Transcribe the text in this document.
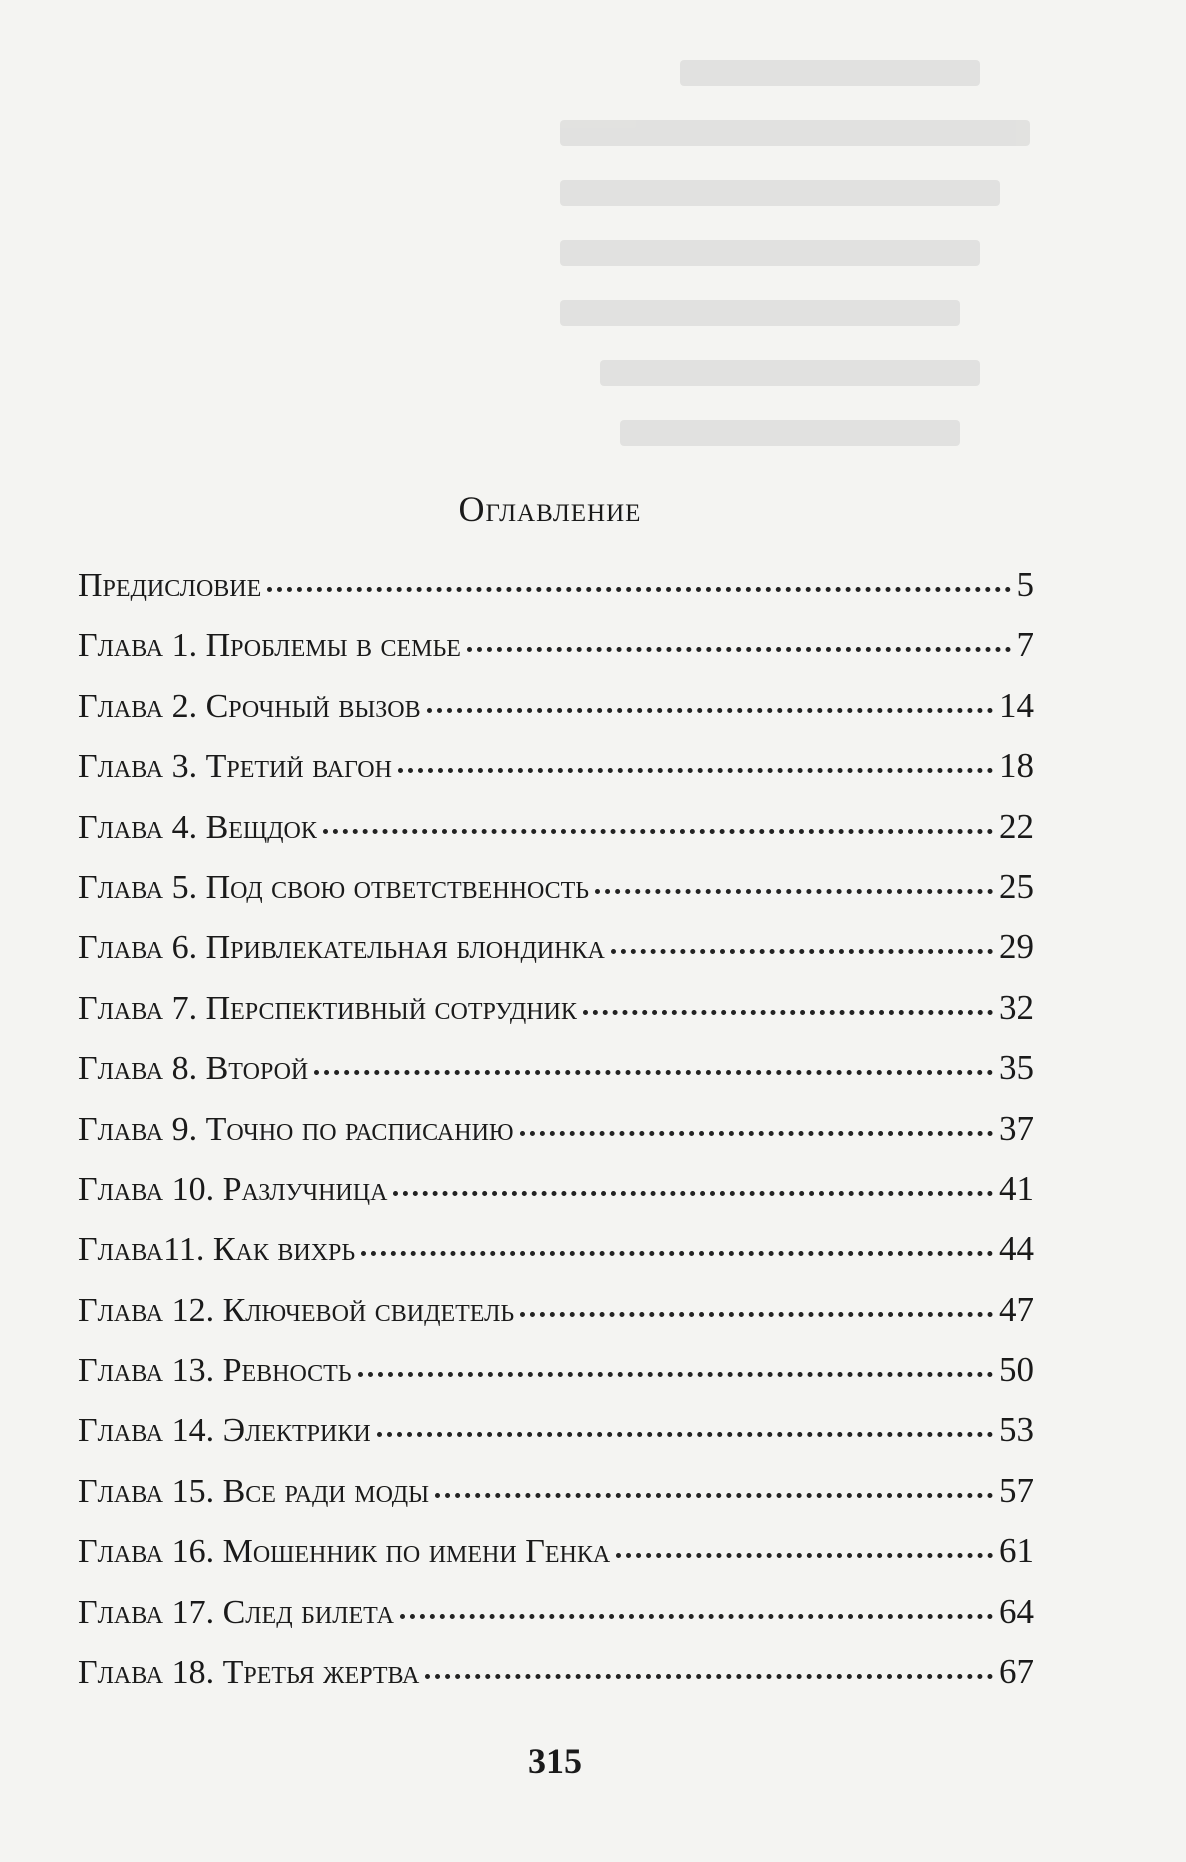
Оглавление
Предисловие	5
Глава 1. Проблемы в семье	7
Глава 2. Срочный вызов	14
Глава 3. Третий вагон	18
Глава 4. Вещдок	22
Глава 5. Под свою ответственность	25
Глава 6. Привлекательная блондинка	29
Глава 7. Перспективный сотрудник	32
Глава 8. Второй	35
Глава 9. Точно по расписанию	37
Глава 10. Разлучница	41
Глава11. Как вихрь	44
Глава 12. Ключевой свидетель	47
Глава 13. Ревность	50
Глава 14. Электрики	53
Глава 15. Все ради моды	57
Глава 16. Мошенник по имени Генка	61
Глава 17. След билета	64
Глава 18. Третья жертва	67
315
